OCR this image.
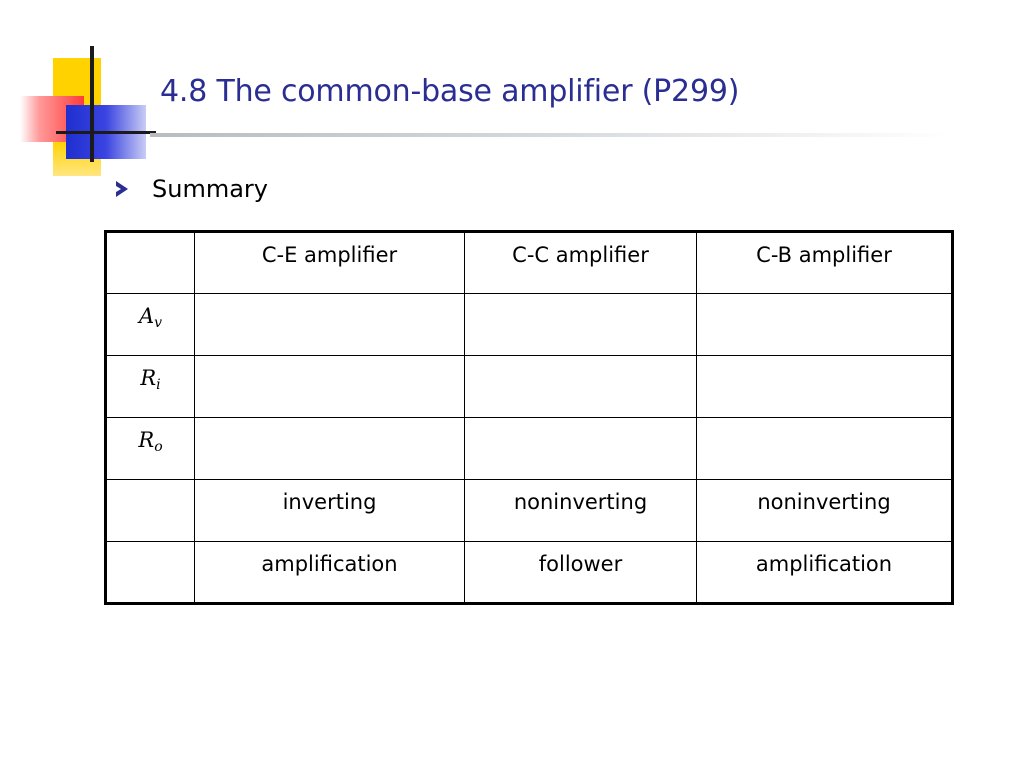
4.8 The common-base amplifier (P299)
Summary
	C-E amplifier	C-C amplifier	C-B amplifier
$A_v$			
$R_i$			
$R_o$			
	inverting	noninverting	noninverting
	amplification	follower	amplification
